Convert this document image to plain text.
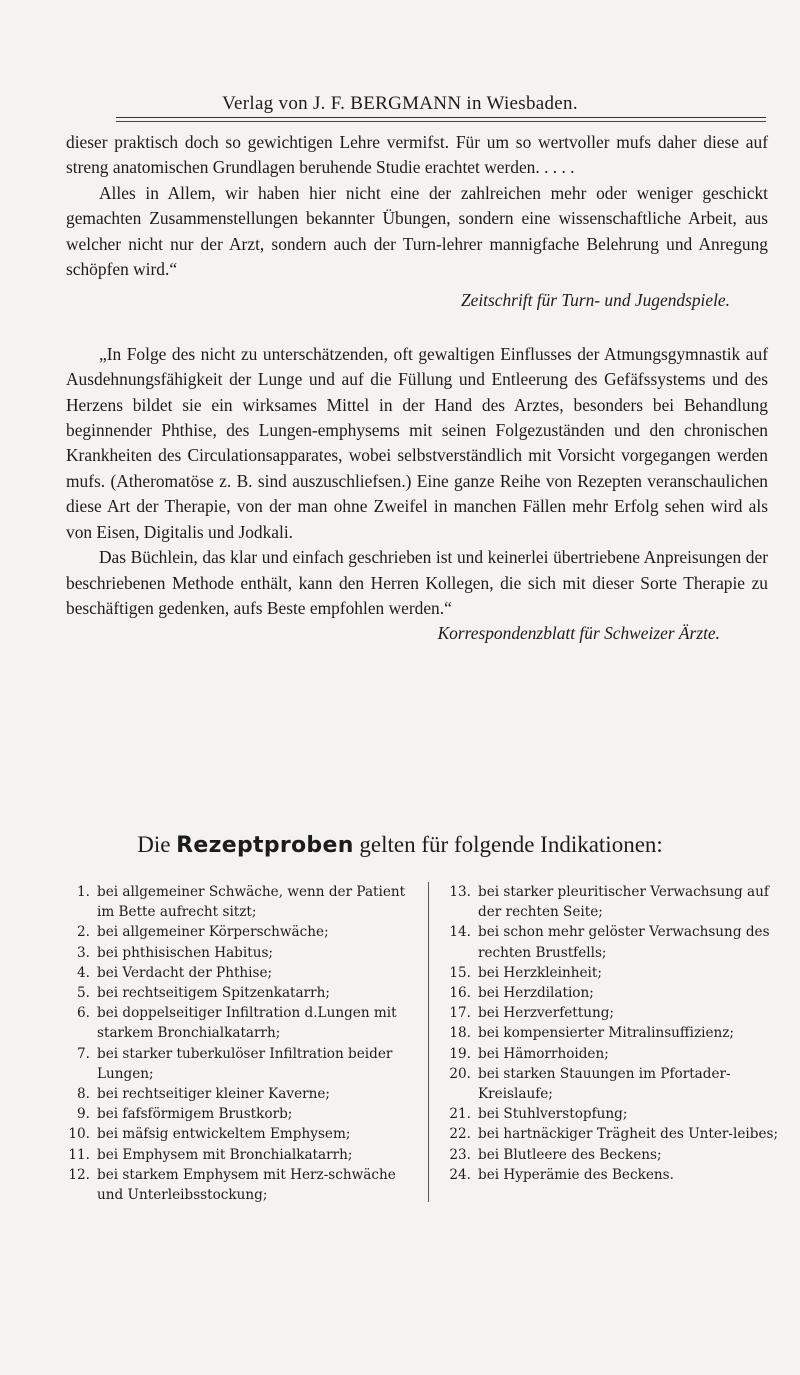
Verlag von J. F. BERGMANN in Wiesbaden.

dieser praktisch doch so gewichtigen Lehre vermifst. Für um so wertvoller mufs daher diese auf streng anatomischen Grundlagen beruhende Studie erachtet werden. . . . .

Alles in Allem, wir haben hier nicht eine der zahlreichen mehr oder weniger geschickt gemachten Zusammenstellungen bekannter Übungen, sondern eine wissenschaftliche Arbeit, aus welcher nicht nur der Arzt, sondern auch der Turn-lehrer mannigfache Belehrung und Anregung schöpfen wird.“

Zeitschrift für Turn- und Jugendspiele.

„In Folge des nicht zu unterschätzenden, oft gewaltigen Einflusses der Atmungsgymnastik auf Ausdehnungsfähigkeit der Lunge und auf die Füllung und Entleerung des Gefäfssystems und des Herzens bildet sie ein wirksames Mittel in der Hand des Arztes, besonders bei Behandlung beginnender Phthise, des Lungen-emphysems mit seinen Folgezuständen und den chronischen Krankheiten des Circulationsapparates, wobei selbstverständlich mit Vorsicht vorgegangen werden mufs. (Atheromatöse z. B. sind auszuschliefsen.) Eine ganze Reihe von Rezepten veranschaulichen diese Art der Therapie, von der man ohne Zweifel in manchen Fällen mehr Erfolg sehen wird als von Eisen, Digitalis und Jodkali.

Das Büchlein, das klar und einfach geschrieben ist und keinerlei übertriebene Anpreisungen der beschriebenen Methode enthält, kann den Herren Kollegen, die sich mit dieser Sorte Therapie zu beschäftigen gedenken, aufs Beste empfohlen werden.“

Korrespondenzblatt für Schweizer Ärzte.

Die Rezeptproben gelten für folgende Indikationen:
1. bei allgemeiner Schwäche, wenn der Patient im Bette aufrecht sitzt;
2. bei allgemeiner Körperschwäche;
3. bei phthisischen Habitus;
4. bei Verdacht der Phthise;
5. bei rechtseitigem Spitzenkatarrh;
6. bei doppelseitiger Infiltration d.Lungen mit starkem Bronchialkatarrh;
7. bei starker tuberkulöser Infiltration beider Lungen;
8. bei rechtseitiger kleiner Kaverne;
9. bei fafsförmigem Brustkorb;
10. bei mäfsig entwickeltem Emphysem;
11. bei Emphysem mit Bronchialkatarrh;
12. bei starkem Emphysem mit Herz-schwäche und Unterleibsstockung;
13. bei starker pleuritischer Verwachsung auf der rechten Seite;
14. bei schon mehr gelöster Verwachsung des rechten Brustfells;
15. bei Herzkleinheit;
16. bei Herzdilation;
17. bei Herzverfettung;
18. bei kompensierter Mitralinsuffizienz;
19. bei Hämorrhoiden;
20. bei starken Stauungen im Pfortader-Kreislaufe;
21. bei Stuhlverstopfung;
22. bei hartnäckiger Trägheit des Unter-leibes;
23. bei Blutleere des Beckens;
24. bei Hyperämie des Beckens.
